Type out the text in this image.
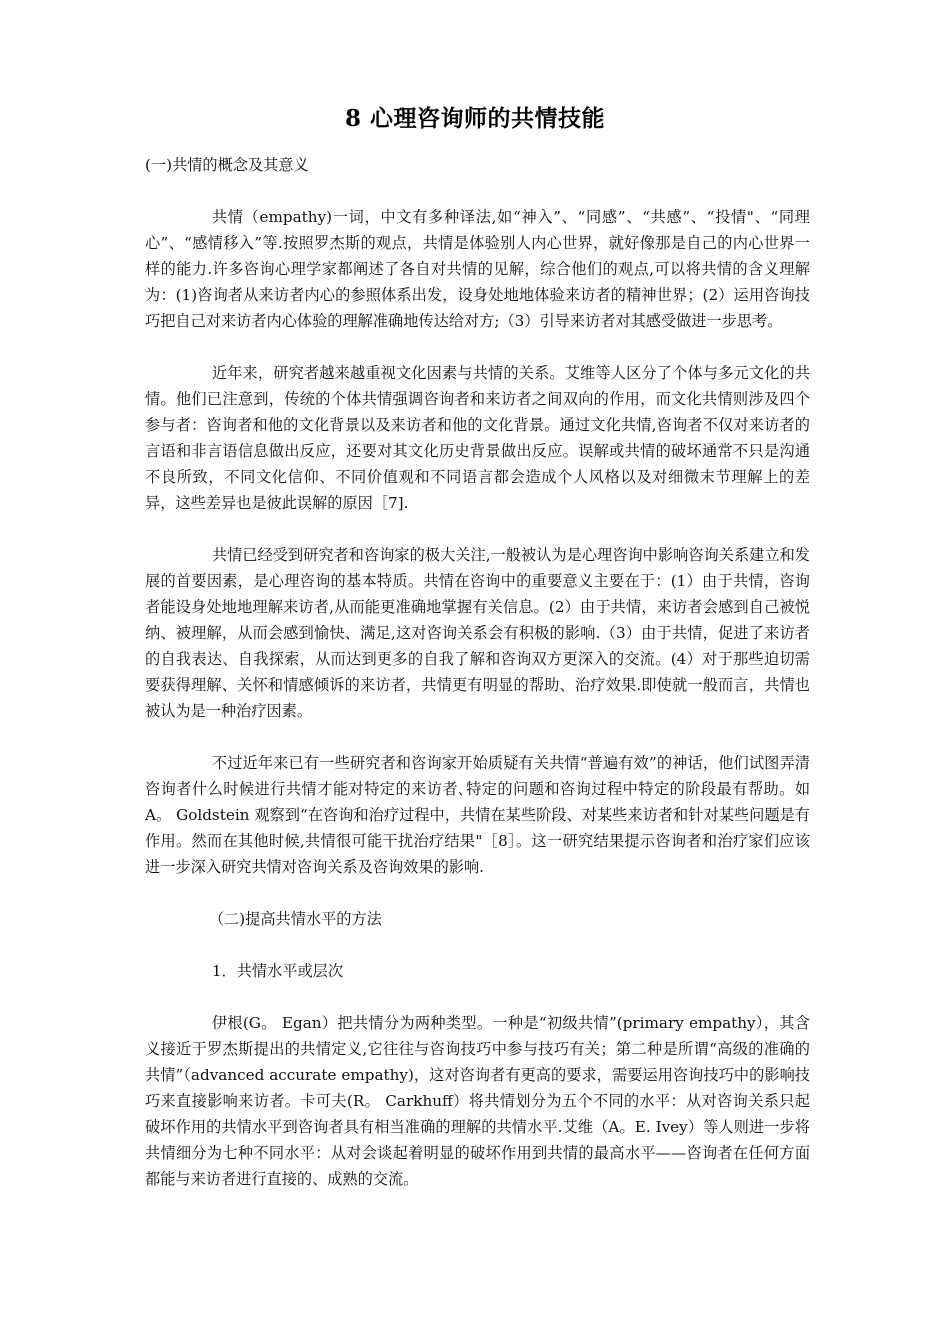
8 心理咨询师的共情技能

(一)共情的概念及其意义

共情（empathy)一词，中文有多种译法,如“神入”、“同感”、“共感”、“投情"、“同理心”、“感情移入”等.按照罗杰斯的观点，共情是体验别人内心世界，就好像那是自己的内心世界一样的能力.许多咨询心理学家都阐述了各自对共情的见解，综合他们的观点,可以将共情的含义理解为：(1)咨询者从来访者内心的参照体系出发，设身处地地体验来访者的精神世界；(2）运用咨询技巧把自己对来访者内心体验的理解准确地传达给对方;（3）引导来访者对其感受做进一步思考。

近年来，研究者越来越重视文化因素与共情的关系。艾维等人区分了个体与多元文化的共情。他们已注意到，传统的个体共情强调咨询者和来访者之间双向的作用，而文化共情则涉及四个参与者：咨询者和他的文化背景以及来访者和他的文化背景。通过文化共情,咨询者不仅对来访者的言语和非言语信息做出反应，还要对其文化历史背景做出反应。误解或共情的破坏通常不只是沟通不良所致，不同文化信仰、不同价值观和不同语言都会造成个人风格以及对细微末节理解上的差异，这些差异也是彼此误解的原因［7].

共情已经受到研究者和咨询家的极大关注,一般被认为是心理咨询中影响咨询关系建立和发展的首要因素，是心理咨询的基本特质。共情在咨询中的重要意义主要在于：(1）由于共情，咨询者能设身处地地理解来访者,从而能更准确地掌握有关信息。(2）由于共情，来访者会感到自己被悦纳、被理解，从而会感到愉快、满足,这对咨询关系会有积极的影响.（3）由于共情，促进了来访者的自我表达、自我探索，从而达到更多的自我了解和咨询双方更深入的交流。(4）对于那些迫切需要获得理解、关怀和情感倾诉的来访者，共情更有明显的帮助、治疗效果.即使就一般而言，共情也被认为是一种治疗因素。

不过近年来已有一些研究者和咨询家开始质疑有关共情“普遍有效”的神话，他们试图弄清咨询者什么时候进行共情才能对特定的来访者､特定的问题和咨询过程中特定的阶段最有帮助。如 A。 Goldstein 观察到“在咨询和治疗过程中，共情在某些阶段、对某些来访者和针对某些问题是有作用。然而在其他时候,共情很可能干扰治疗结果"［8］。这一研究结果提示咨询者和治疗家们应该进一步深入研究共情对咨询关系及咨询效果的影响.

（二)提高共情水平的方法

1．共情水平或层次

伊根(G。 Egan）把共情分为两种类型。一种是“初级共情”(primary empathy），其含义接近于罗杰斯提出的共情定义,它往往与咨询技巧中参与技巧有关；第二种是所谓“高级的准确的共情”（advanced accurate empathy)，这对咨询者有更高的要求，需要运用咨询技巧中的影响技巧来直接影响来访者。卡可夫(R。 Carkhuff）将共情划分为五个不同的水平：从对咨询关系只起破坏作用的共情水平到咨询者具有相当准确的理解的共情水平.艾维（A。E. Ivey）等人则进一步将共情细分为七种不同水平：从对会谈起着明显的破坏作用到共情的最高水平——咨询者在任何方面都能与来访者进行直接的、成熟的交流。
